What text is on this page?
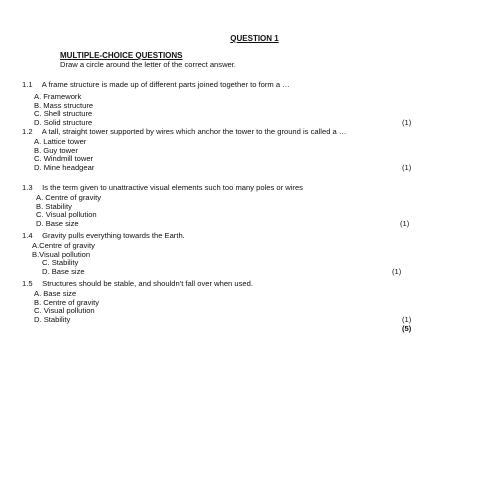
QUESTION 1
MULTIPLE-CHOICE QUESTIONS
Draw a circle around the letter of the correct answer.
1.1 A frame structure is made up of different parts joined together to form a …
A. Framework
B. Mass structure
C. Shell structure
D. Solid structure	(1)
1.2 A tall, straight tower supported by wires which anchor the tower to the ground is called a …
A. Lattice tower
B. Guy tower
C. Windmill tower
D. Mine headgear	(1)
1.3 Is the term given to unattractive visual elements such too many poles or wires
A. Centre of gravity
B. Stability
C. Visual pollution
D. Base size	(1)
1.4 Gravity pulls everything towards the Earth.
A.Centre of gravity
B.Visual pollution
C. Stability
D. Base size	(1)
1.5 Structures should be stable, and shouldn't fall over when used.
A. Base size
B. Centre of gravity
C. Visual pollution
D. Stability	(1)
(5)
